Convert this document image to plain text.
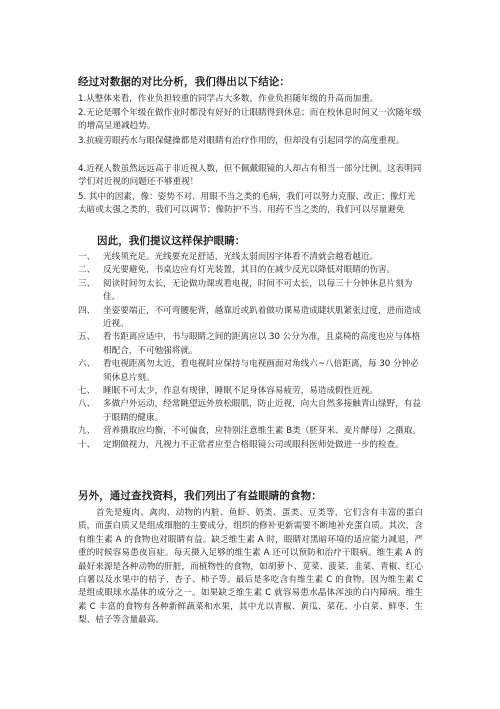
经过对数据的对比分析，我们得出以下结论：
1.从整体来看，作业负担较重的同学占大多数，作业负担随年级的升高而加重。
2.无论是哪个年级在做作业时都没有好好的让眼睛得到休息；而在校休息时间又一次随年级的增高呈递减趋势。
3.抗疲劳眼药水与眼保健操都是对眼睛有治疗作用的，但却没有引起同学的高度重视。
4.近视人数虽然远远高于非近视人数，但不佩戴眼镜的人却占有相当一部分比例。这表明同学们对近视的问题还不够重视！
5. 其中的因素，像：姿势不对、用眼不当之类的毛病，我们可以努力克服、改正；像灯光太暗或太强之类的，我们可以调节；像防护不当、用药不当之类的，我们可以尽量避免
因此，我们提议这样保护眼睛：
一、 光线须充足。光线要充足舒适，光线太弱而因字体看不清就会越看越近。
二、 反光要避免，书桌边应有灯光装置，其目的在减少反光以降低对眼睛的伤害。
三、 阅读时间勿太长，无论做功课或看电视，时间不可太长，以每三十分钟休息片刻为佳。
四、 坐姿要端正，不可弯腰驼背，越靠近或趴着做功课易造成睫状肌紧张过度，进而造成近视。
五、 看书距离应适中，书与眼睛之间的距离应以 30 公分为准，且桌椅的高度也应与体格相配合，不可勉强将就。
六、 看电视距离勿太近，看电视时应保持与电视画面对角线六~八倍距离，每 30 分钟必须休息片刻。
七、 睡眠不可太少，作息有规律，睡眠不足身体容易疲劳，易造成假性近视。
八、 多做户外运动，经常眺望远外放松眼肌，防止近视，向大自然多接触青山绿野，有益于眼睛的健康。
九、 营养摄取应均衡，不可偏食，应特别注意维生素 B类（胚芽米、麦片酵母）之摄取。
十、 定期做视力，凡视力不正常者应至合格眼镜公司或眼科医师处做进一步的检查。
另外，通过查找资料，我们列出了有益眼睛的食物：

首先是瘦肉、禽肉、动物的内脏、鱼虾、奶类、蛋类、豆类等，它们含有丰富的蛋白质，而蛋白质又是组成细胞的主要成分，组织的修补更新需要不断地补充蛋白质。其次，含有维生素 A 的食物也对眼睛有益。缺乏维生素 A 时，眼睛对黑暗环境的适应能力减退，严重的时候容易患夜盲症。每天摄入足够的维生素 A 还可以预防和治疗干眼病。维生素 A 的最好来源是各种动物的肝脏，而植物性的食物，如胡萝卜、苋菜、菠菜、韭菜、青椒、红心白薯以及水果中的桔子、杏子、柿子等。最后是多吃含有维生素 C 的食物。因为维生素 C 是组成眼球水晶体的成分之一。如果缺乏维生素 C 就容易患水晶体浑浊的白内障病。维生素 C 丰富的食物有各种新鲜蔬菜和水果，其中尤以青椒、黄瓜、菜花、小白菜、鲜枣、生梨、桔子等含量最高。
